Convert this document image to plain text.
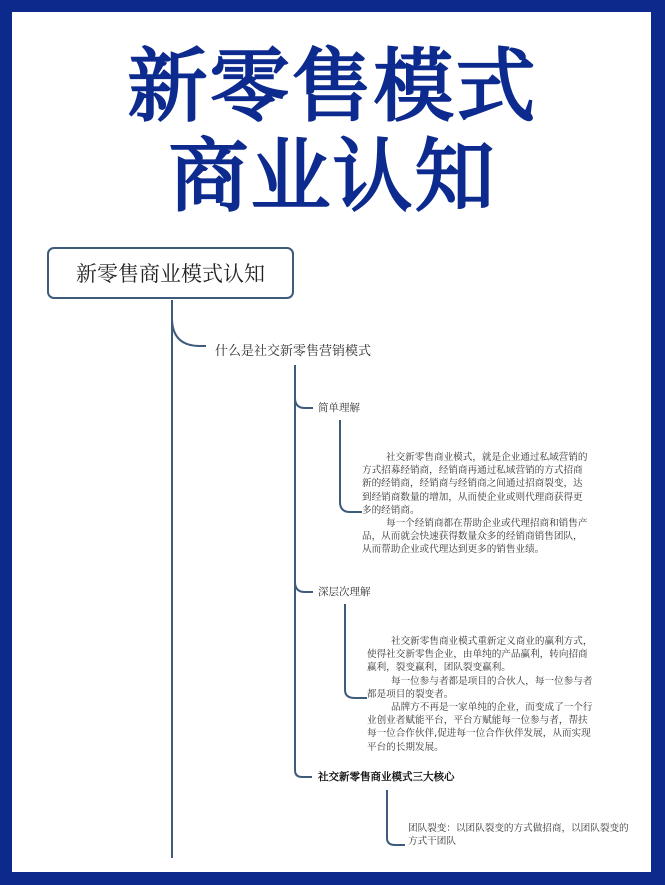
新零售模式
商业认知
新零售商业模式认知
什么是社交新零售营销模式
简单理解

社交新零售商业模式，就是企业通过私域营销的方式招募经销商，经销商再通过私域营销的方式招商新的经销商，经销商与经销商之间通过招商裂变，达到经销商数量的增加，从而使企业或则代理商获得更多的经销商。

每一个经销商都在帮助企业或代理招商和销售产品，从而就会快速获得数量众多的经销商销售团队，从而帮助企业或代理达到更多的销售业绩。

深层次理解

社交新零售商业模式重新定义商业的赢利方式，使得社交新零售企业，由单纯的产品赢利，转向招商赢利，裂变赢利，团队裂变赢利。

每一位参与者都是项目的合伙人，每一位参与者都是项目的裂变者。

品牌方不再是一家单纯的企业，而变成了一个行业创业者赋能平台，平台方赋能每一位参与者，帮扶每一位合作伙伴,促进每一位合作伙伴发展，从而实现平台的长期发展。

社交新零售商业模式三大核心
团队裂变：以团队裂变的方式做招商，以团队裂变的方式干团队
